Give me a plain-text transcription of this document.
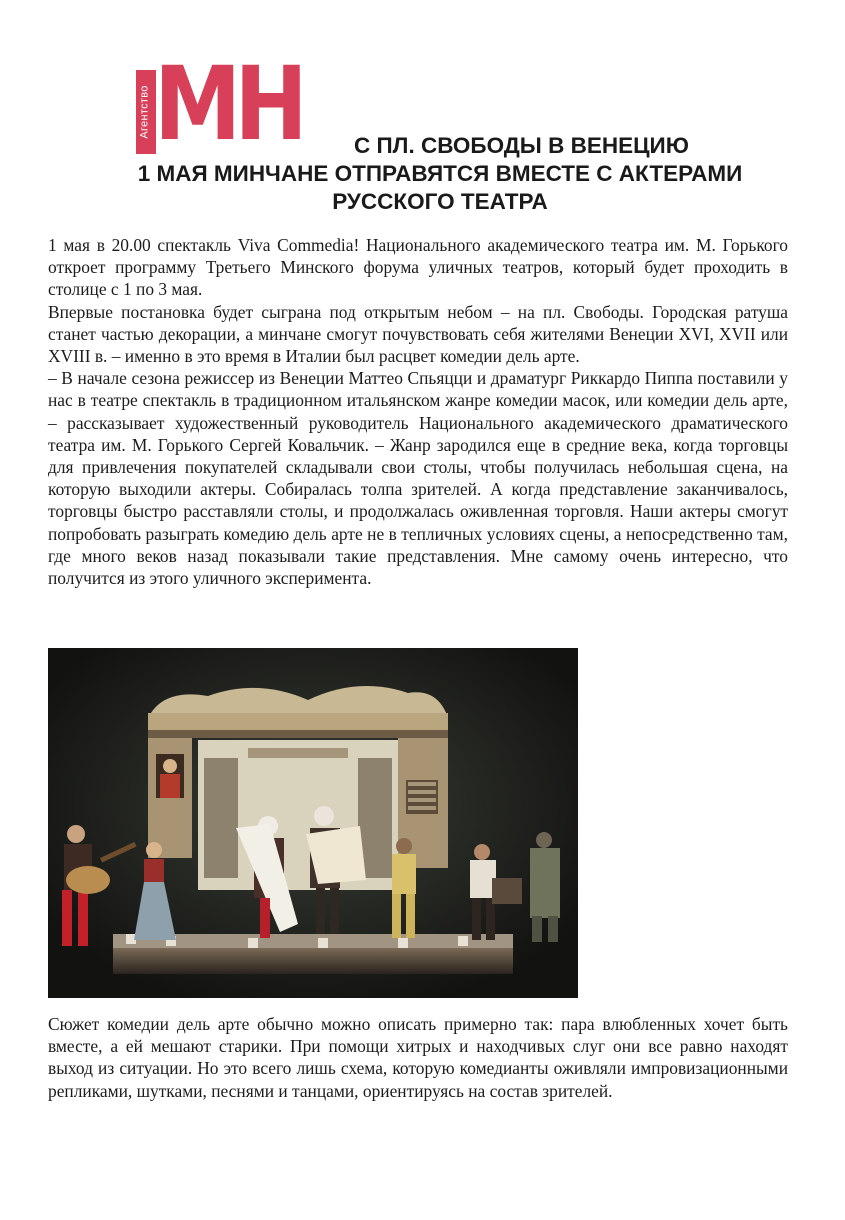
Агентство МН	С ПЛ. СВОБОДЫ В ВЕНЕЦИЮ
1 МАЯ МИНЧАНЕ ОТПРАВЯТСЯ ВМЕСТЕ С АКТЕРАМИ
РУССКОГО ТЕАТРА

1 мая в 20.00 спектакль Viva Commedia! Национального академического театра им. М. Горького откроет программу Третьего Минского форума уличных театров, который будет проходить в столице с 1 по 3 мая.

Впервые постановка будет сыграна под открытым небом – на пл. Свободы. Городская ратуша станет частью декорации, а минчане смогут почувствовать себя жителями Венеции XVI, XVII или XVIII в. – именно в это время в Италии был расцвет комедии дель арте.

– В начале сезона режиссер из Венеции Маттео Спьяцци и драматург Риккардо Пиппа поставили у нас в театре спектакль в традиционном итальянском жанре комедии масок, или комедии дель арте, – рассказывает художественный руководитель Национального академического драматического театра им. М. Горького Сергей Ковальчик. – Жанр зародился еще в средние века, когда торговцы для привлечения покупателей складывали свои столы, чтобы получилась небольшая сцена, на которую выходили актеры. Собиралась толпа зрителей. А когда представление заканчивалось, торговцы быстро расставляли столы, и продолжалась оживленная торговля. Наши актеры смогут попробовать разыграть комедию дель арте не в тепличных условиях сцены, а непосредственно там, где много веков назад показывали такие представления. Мне самому очень интересно, что получится из этого уличного эксперимента.

Сюжет комедии дель арте обычно можно описать примерно так: пара влюбленных хочет быть вместе, а ей мешают старики. При помощи хитрых и находчивых слуг они все равно находят выход из ситуации. Но это всего лишь схема, которую комедианты оживляли импровизационными репликами, шутками, песнями и танцами, ориентируясь на состав зрителей.
